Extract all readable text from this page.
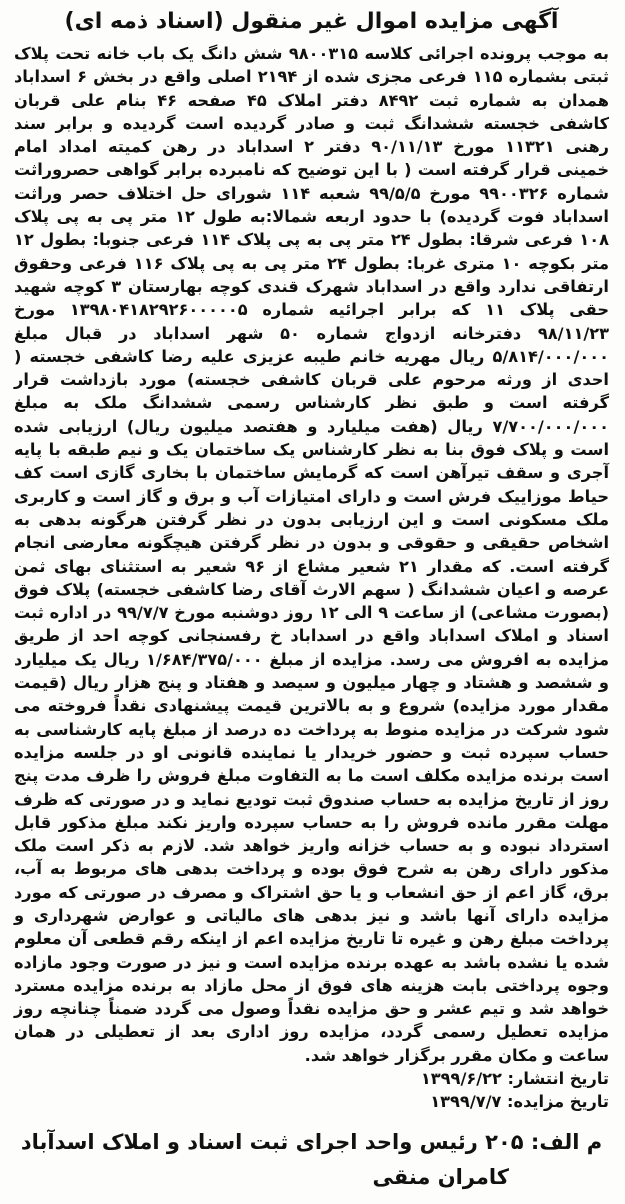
آگهی مزایده اموال غیر منقول (اسناد ذمه ای)

به موجب پرونده اجرائی کلاسه ۹۸۰۰۳۱۵ شش دانگ یک باب خانه تحت پلاک ثبتی بشماره ۱۱۵ فرعی مجزی شده از ۲۱۹۴ اصلی واقع در بخش ۶ اسداباد همدان به شماره ثبت ۸۴۹۲ دفتر املاک ۴۵ صفحه ۴۶ بنام علی قربان کاشفی خجسته ششدانگ ثبت و صادر گردیده است گردیده و برابر سند رهنی ۱۱۳۲۱ مورخ ۹۰/۱۱/۱۳ دفتر ۲ اسداباد در رهن کمیته امداد امام خمینی قرار گرفته است ( با این توضیح که نامبرده برابر گواهی حصروراثت شماره ۹۹۰۰۳۲۶ مورخ ۹۹/۵/۵ شعبه ۱۱۴ شورای حل اختلاف حصر وراثت اسداباد فوت گردیده) با حدود اربعه شمالا:به طول ۱۲ متر پی به پی پلاک ۱۰۸ فرعی شرقا: بطول ۲۴ متر پی به پی پلاک ۱۱۴ فرعی جنوبا: بطول ۱۲ متر بکوچه ۱۰ متری غربا: بطول ۲۴ متر پی به پی پلاک ۱۱۶ فرعی وحقوق ارتفاقی ندارد واقع در اسداباد شهرک قندی کوچه بهارستان ۳ کوچه شهید حقی پلاک ۱۱ که برابر اجرائیه شماره ۱۳۹۸۰۴۱۸۲۹۲۶۰۰۰۰۰۵ مورخ ۹۸/۱۱/۲۳ دفترخانه ازدواج شماره ۵۰ شهر اسداباد در قبال مبلغ ۵/۸۱۴/۰۰۰/۰۰۰ ریال مهریه خانم طیبه عزیزی علیه رضا کاشفی خجسته ( احدی از ورثه مرحوم علی قربان کاشفی خجسته) مورد بازداشت قرار گرفته است و طبق نظر کارشناس رسمی ششدانگ ملک به مبلغ ۷/۷۰۰/۰۰۰/۰۰۰ ریال (هفت میلیارد و هفتصد میلیون ریال) ارزیابی شده است و پلاک فوق بنا به نظر کارشناس یک ساختمان یک و نیم طبقه با پایه آجری و سقف تیرآهن است که گرمایش ساختمان با بخاری گازی است کف حیاط موزاییک فرش است و دارای امتیازات آب و برق و گاز است و کاربری ملک مسکونی است و این ارزیابی بدون در نظر گرفتن هرگونه بدهی به اشخاص حقیقی و حقوقی و بدون در نظر گرفتن هیچگونه معارضی انجام گرفته است. که مقدار ۲۱ شعیر مشاع از ۹۶ شعیر به استثنای بهای ثمن عرصه و اعیان ششدانگ ( سهم الارث آقای رضا کاشفی خجسته) پلاک فوق (بصورت مشاعی) از ساعت ۹ الی ۱۲ روز دوشنبه مورخ ۹۹/۷/۷ در اداره ثبت اسناد و املاک اسداباد واقع در اسداباد خ رفسنجانی کوچه احد از طریق مزایده به افروش می رسد. مزایده از مبلغ ۱/۶۸۴/۳۷۵/۰۰۰ ریال یک میلیارد و ششصد و هشتاد و چهار میلیون و سیصد و هفتاد و پنج هزار ریال (قیمت مقدار مورد مزایده) شروع و به بالاترین قیمت پیشنهادی نقداً فروخته می شود شرکت در مزایده منوط به پرداخت ده درصد از مبلغ پایه کارشناسی به حساب سپرده ثبت و حضور خریدار یا نماینده قانونی او در جلسه مزایده است برنده مزایده مکلف است ما به التفاوت مبلغ فروش را ظرف مدت پنج روز از تاریخ مزایده به حساب صندوق ثبت تودیع نماید و در صورتی که ظرف مهلت مقرر مانده فروش را به حساب سپرده واریز نکند مبلغ مذکور قابل استرداد نبوده و به حساب خزانه واریز خواهد شد. لازم به ذکر است ملک مذکور دارای رهن به شرح فوق بوده و پرداخت بدهی های مربوط به آب، برق، گاز اعم از حق انشعاب و یا حق اشتراک و مصرف در صورتی که مورد مزایده دارای آنها باشد و نیز بدهی های مالیاتی و عوارض شهرداری و پرداخت مبلغ رهن و غیره تا تاریخ مزایده اعم از اینکه رقم قطعی آن معلوم شده یا نشده باشد به عهده برنده مزایده است و نیز در صورت وجود مازاده وجوه پرداختی بابت هزینه های فوق از محل مازاد به برنده مزایده مسترد خواهد شد و تیم عشر و حق مزایده نقداً وصول می گردد ضمناً چنانچه روز مزایده تعطیل رسمی گردد، مزایده روز اداری بعد از تعطیلی در همان ساعت و مکان مقرر برگزار خواهد شد.

تاریخ انتشار: ۱۳۹۹/۶/۲۲
تاریخ مزایده: ۱۳۹۹/۷/۷
م الف: ۲۰۵ رئیس واحد اجرای ثبت اسناد و املاک اسدآباد
کامران منقی
